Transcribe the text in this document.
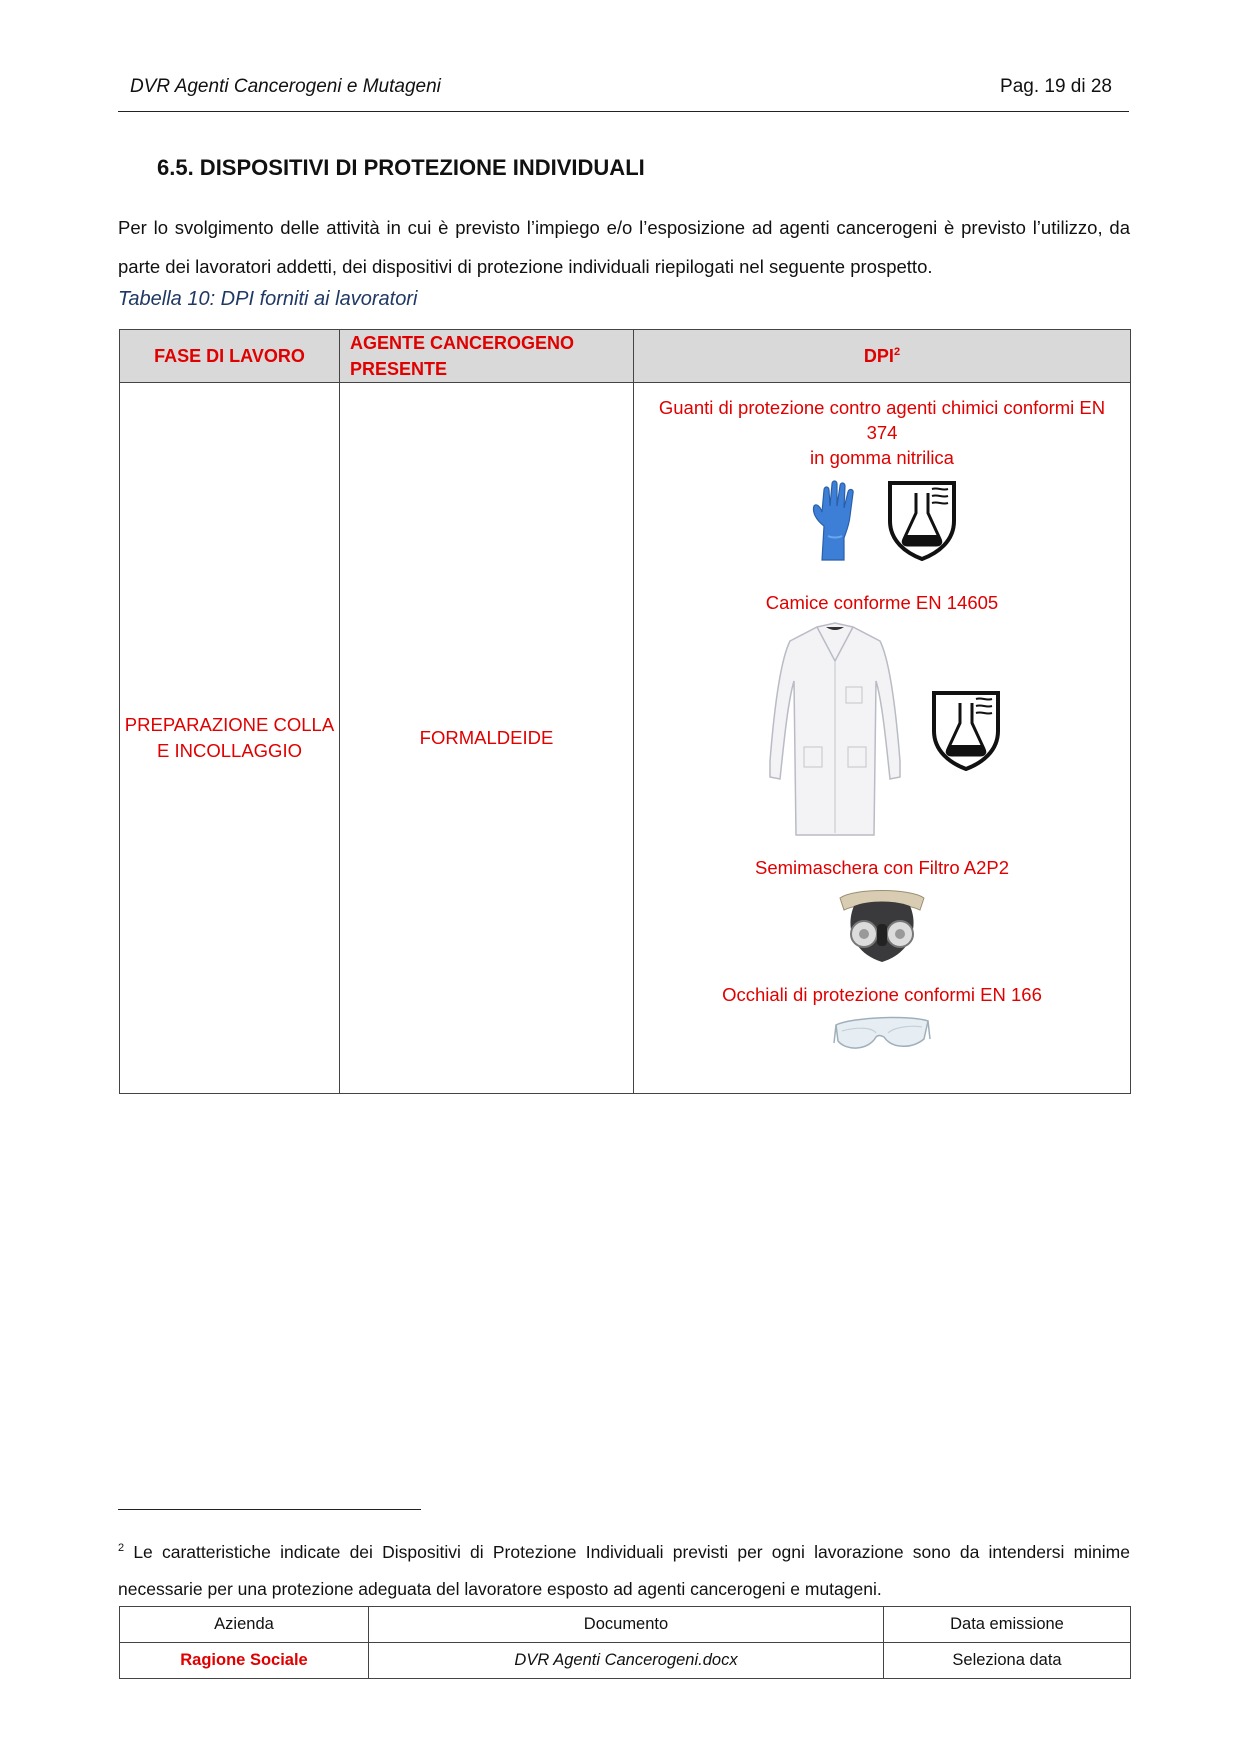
DVR Agenti Cancerogeni e Mutageni	Pag. 19 di 28
6.5. DISPOSITIVI DI PROTEZIONE INDIVIDUALI
Per lo svolgimento delle attività in cui è previsto l’impiego e/o l’esposizione ad agenti cancerogeni è previsto l’utilizzo, da parte dei lavoratori addetti, dei dispositivi di protezione individuali riepilogati nel seguente prospetto.
Tabella 10: DPI forniti ai lavoratori
FASE DI LAVORO	AGENTE CANCEROGENO PRESENTE	DPI$^2$
PREPARAZIONE COLLA E INCOLLAGGIO	FORMALDEIDE	Guanti di protezione contro agenti chimici conformi EN 374
in gomma nitrilica
Camice conforme EN 14605
Semimaschera con Filtro A2P2
Occhiali di protezione conformi EN 166
$^2$ Le caratteristiche indicate dei Dispositivi di Protezione Individuali previsti per ogni lavorazione sono da intendersi minime necessarie per una protezione adeguata del lavoratore esposto ad agenti cancerogeni e mutageni.
Azienda	Documento	Data emissione
Ragione Sociale	DVR Agenti Cancerogeni.docx	Seleziona data
